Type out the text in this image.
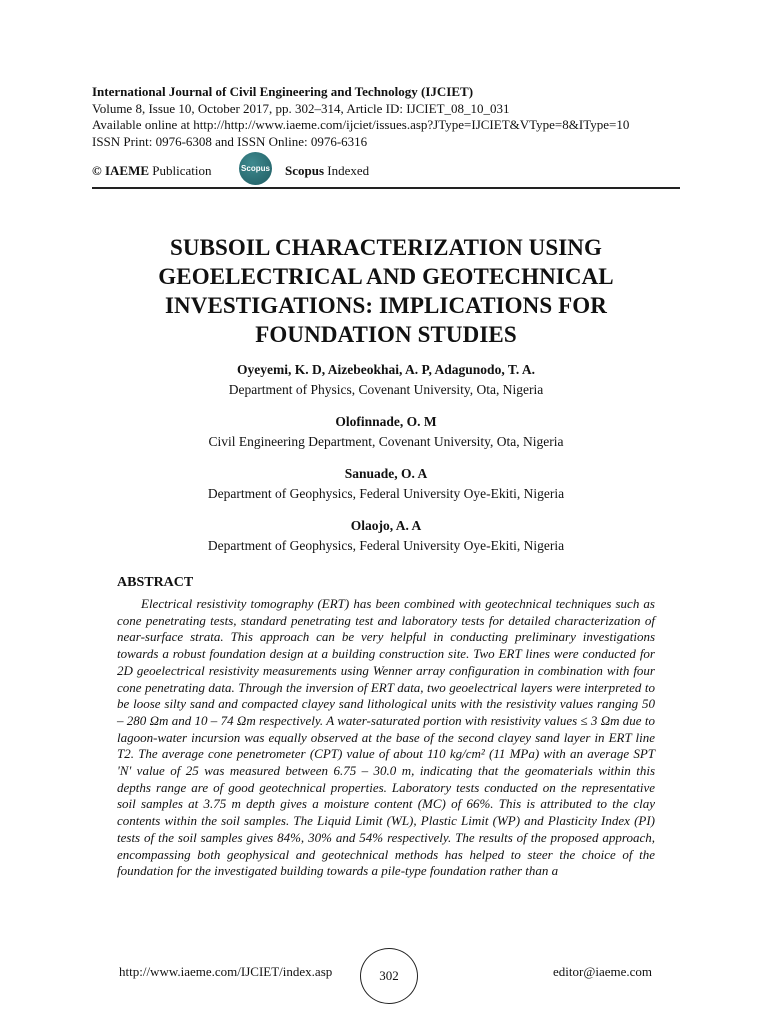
International Journal of Civil Engineering and Technology (IJCIET)
Volume 8, Issue 10, October 2017, pp. 302–314, Article ID: IJCIET_08_10_031
Available online at http://http://www.iaeme.com/ijciet/issues.asp?JType=IJCIET&VType=8&IType=10
ISSN Print: 0976-6308 and ISSN Online: 0976-6316
© IAEME Publication	Scopus Scopus Indexed
SUBSOIL CHARACTERIZATION USING GEOELECTRICAL AND GEOTECHNICAL INVESTIGATIONS: IMPLICATIONS FOR FOUNDATION STUDIES
Oyeyemi, K. D, Aizebeokhai, A. P, Adagunodo, T. A.
Department of Physics, Covenant University, Ota, Nigeria
Olofinnade, O. M
Civil Engineering Department, Covenant University, Ota, Nigeria
Sanuade, O. A
Department of Geophysics, Federal University Oye-Ekiti, Nigeria
Olaojo, A. A
Department of Geophysics, Federal University Oye-Ekiti, Nigeria
ABSTRACT
Electrical resistivity tomography (ERT) has been combined with geotechnical techniques such as cone penetrating tests, standard penetrating test and laboratory tests for detailed characterization of near-surface strata. This approach can be very helpful in conducting preliminary investigations towards a robust foundation design at a building construction site. Two ERT lines were conducted for 2D geoelectrical resistivity measurements using Wenner array configuration in combination with four cone penetrating data. Through the inversion of ERT data, two geoelectrical layers were interpreted to be loose silty sand and compacted clayey sand lithological units with the resistivity values ranging 50 – 280 Ωm and 10 – 74 Ωm respectively. A water-saturated portion with resistivity values ≤ 3 Ωm due to lagoon-water incursion was equally observed at the base of the second clayey sand layer in ERT line T2. The average cone penetrometer (CPT) value of about 110 kg/cm² (11 MPa) with an average SPT 'N' value of 25 was measured between 6.75 – 30.0 m, indicating that the geomaterials within this depths range are of good geotechnical properties. Laboratory tests conducted on the representative soil samples at 3.75 m depth gives a moisture content (MC) of 66%. This is attributed to the clay contents within the soil samples. The Liquid Limit (WL), Plastic Limit (WP) and Plasticity Index (PI) tests of the soil samples gives 84%, 30% and 54% respectively. The results of the proposed approach, encompassing both geophysical and geotechnical methods has helped to steer the choice of the foundation for the investigated building towards a pile-type foundation rather than a
http://www.iaeme.com/IJCIET/index.asp	302	editor@iaeme.com
